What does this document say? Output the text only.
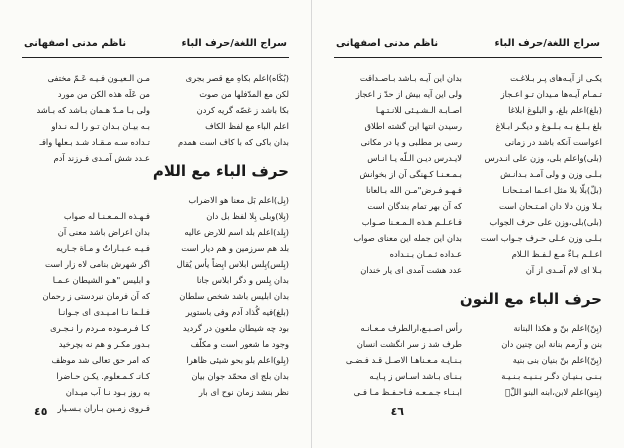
سراج اللغة/حرف الباء
ناظم مدنی اصفهانی
(بُکَاه)اعلم بکاهِ مع قصر بجری
لکن مع المدّفلها من صوت
بکا باشد ز غصّه گریه کردن
اعلم الباء مع لفظ الکاف
بدان باکی که با کاف است همدم
حرف الباء مع اللام
(بِل)اعلم بَل معنا هو الاضراب
(بِلا)وبلی بِلا لفظ بل دان
(بِلد)اعلم بلد اسم للارض عاليه
بلد هم سرزمین و هم دیار است
(بِلس)بِلس ابلاس ابِضاً یأس یُقال
بدان بِلس و دگر ابلاس جانا
بدان ابلیس باشد شخص سلطان
(بلغ)فيه گُذاد آدم وفی باستویر
بود چه شیطان ملعون در گردید
وجود ما شعور است و مکلّف
(بِلو)اعلم بلو بحو شیئی ظاهرا
بدان بلج ای محمّد جوان بیان
نظر بنشد زمان نوح ای بار
مـن الـعيـون فـيـه عَـمّ مختفی
من عَلَه هذه الكن من مورد
ولی بـا مـدّ هـمان بـاشد که بـاشد
بـه بیـان بـدان تـو را لـه نـداو
تـداده سـه مـقـاد شـد بـعلها وافـ
عـدد شش آمـدی فـرزند آدم
فـهـذه الـمـعـنـا له صواب
بدان اعراض باشد معنی آن
فـيـه عـبـاراتٌ و مـاة جـاریه
اگر شهرش بنامی لاه زار است
و ابلیس "هـو الشیطان عـمـا
که آن فرمان نبردستی ز رحمان
فـلـما نـا امـیـدی ای جـوانـا
كـا فـرمـوده مـردم را نـجـری
بـدور مکـر و هم نه بچرخید
که امر حق تعالی شد موظف
کـانـ کـمـعلوم. یکـن حـاضرا
به روز بـود نـا آب میـدان
فـروی زمـین بـاران بـسـيار
٤٥
سراج اللغة/حرف الباء
ناظم مدنی اصفهانی
یکـی از آیـه‌های پـر بـلاغـت
تـمـام آیـه‌ها مـیدان تـو اعـجاز
(بلغ)اعلم بلغ، و البلوغ ابلاغا
بلغ بـلـغ بـه بـلـوغ و دیگـر ابـلاغ
اعواست آنکه باشد در زمانی
(بلی)واعلم بلی، وزن علی انـدرس
بـلـی وزن و ولی آمـد بـدانـش
(بلّ)بلّا بلا مثل اعـما امـتـحانـا
بـلا وزن دلا دان امـتـحان است
(بلی)بلی،وزن علی حرف الجواب
بـلـی وزن عـلی حـرف جـواب است
اعـلـم بـاءٌ مـع لـفـظ الـلام
بـلا ای لام آمـدی از آن
حرف الباء مع النون
(بِنّ)اعلم بنّ و هكذا البنانة
بنن و آرمم بنانة این چنین دان
(بِنّ)اعلم بنّ بنیان بنی بنیة
بـنـی بـنیـان دگـر بـنـیـه بـنـیـة
(بِنو)اعلم لابن،ابنه البنو اللّٰۤ
بدان این آیـه بـاشد بـاصـداقت
ولی این آیه بیش از حدّ ز اعجاز
اصـابـة الـشـيـئی للانـتـهـا
رسیدن انتها این گشته اطلاق
رسی بر مطلبی و یا در مکانی
لايـدرس ديـن الـلّه يـا انـاس
بـمـعـنـا کـهنگی آن از بخوانش
فـهـو فـرض"مـن الله بـالعانا
که آن بهر تمام بندگان است
فـاعـلـم هـذه الـمـعـنا صـواب
بدان این جمله این معنای صواب
عـداده ثـمـان بـنـداده
عدد هشت آمدی ای یار خندان
رأس اصـبـع،ارالطرف مـعـانـه
طرف شد ز سر انگشت انسان
بـنـایـة مـعـناهـا الاصـل قـد فـضـی
بـنـای بـاشد اسـاس ز پـایـه
ابـنـاء جـمـعـه فـاحـفـظ مـا فـی
٤٦
